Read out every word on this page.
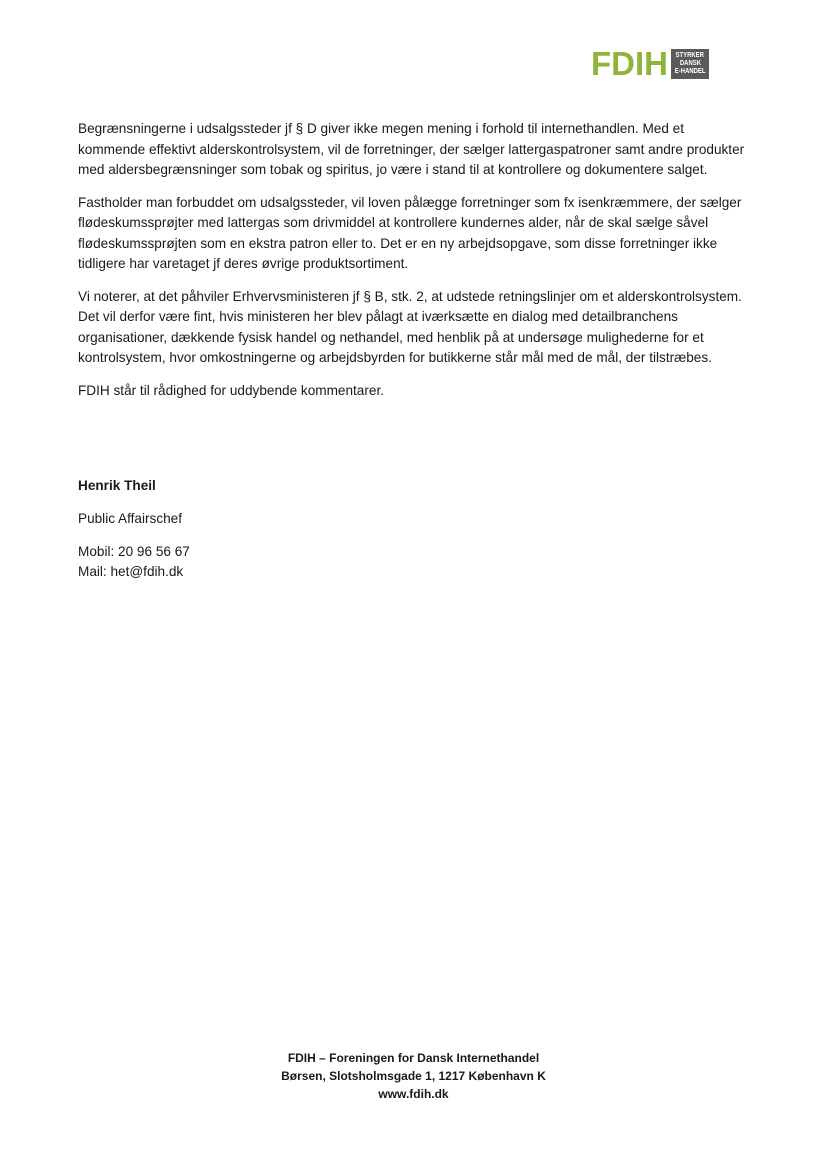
FDIH STYRKER
DANSK
E-HANDEL

Begrænsningerne i udsalgssteder jf § D giver ikke megen mening i forhold til internethandlen. Med et kommende effektivt alderskontrolsystem, vil de forretninger, der sælger lattergaspatroner samt andre produkter med aldersbegrænsninger som tobak og spiritus, jo være i stand til at kontrollere og dokumentere salget.

Fastholder man forbuddet om udsalgssteder, vil loven pålægge forretninger som fx isenkræmmere, der sælger flødeskumssprøjter med lattergas som drivmiddel at kontrollere kundernes alder, når de skal sælge såvel flødeskumssprøjten som en ekstra patron eller to. Det er en ny arbejdsopgave, som disse forretninger ikke tidligere har varetaget jf deres øvrige produktsortiment.

Vi noterer, at det påhviler Erhvervsministeren jf § B, stk. 2, at udstede retningslinjer om et alderskontrolsystem. Det vil derfor være fint, hvis ministeren her blev pålagt at iværksætte en dialog med detailbranchens organisationer, dækkende fysisk handel og nethandel, med henblik på at undersøge mulighederne for et kontrolsystem, hvor omkostningerne og arbejdsbyrden for butikkerne står mål med de mål, der tilstræbes.

FDIH står til rådighed for uddybende kommentarer.

Henrik Theil
Public Affairschef
Mobil: 20 96 56 67
Mail: het@fdih.dk
FDIH – Foreningen for Dansk Internethandel
Børsen, Slotsholmsgade 1, 1217 København K
www.fdih.dk
